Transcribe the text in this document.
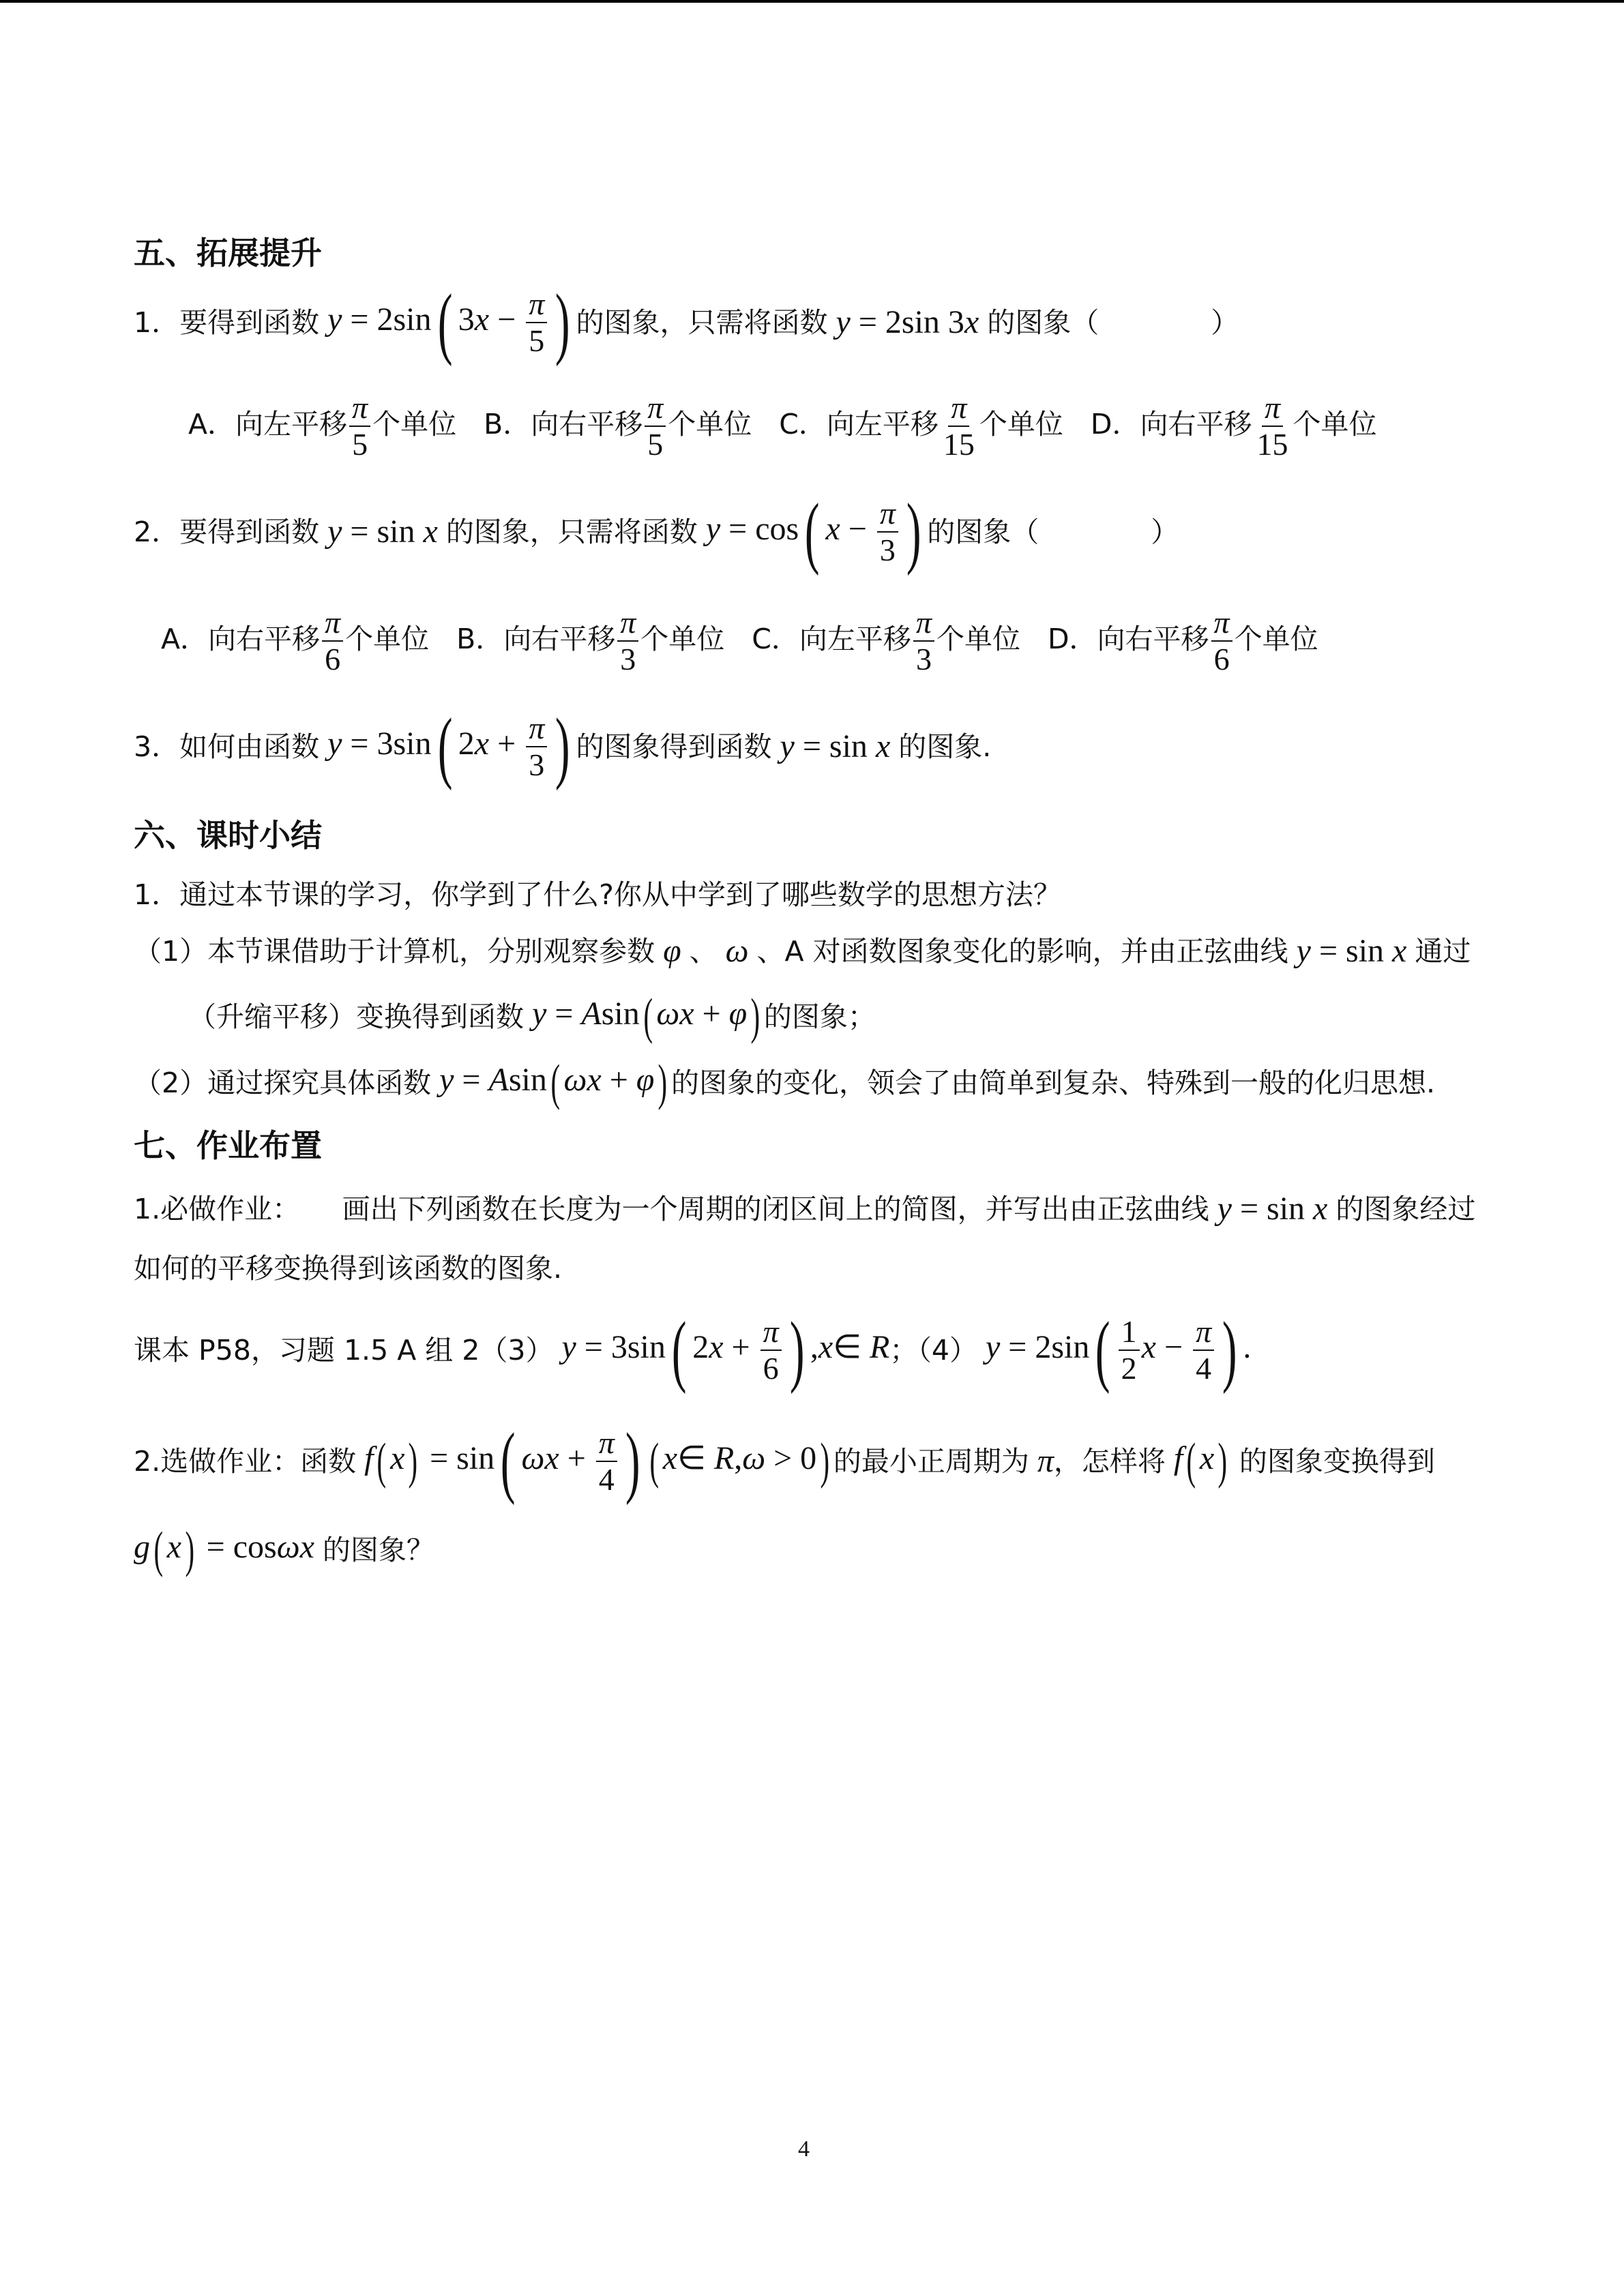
五、拓展提升
1． 要得到函数 y = 2sin( $3x - \frac{\pi}{5}$ ) 的图象，只需将函数 y = 2sin 3x 的图象（　　　　）
A．向左平移 $\frac{\pi}{5}$ 个单位 B．向右平移 $\frac{\pi}{5}$ 个单位 C．向左平移 $\frac{\pi}{15}$ 个单位 D．向右平移 $\frac{\pi}{15}$ 个单位
2． 要得到函数 y = sin x 的图象，只需将函数 y = cos( $x - \frac{\pi}{3}$ ) 的图象（　　　　）
A．向右平移 $\frac{\pi}{6}$ 个单位 B．向右平移 $\frac{\pi}{3}$ 个单位 C．向左平移 $\frac{\pi}{3}$ 个单位 D．向右平移 $\frac{\pi}{6}$ 个单位
3． 如何由函数 y = 3sin( $2x + \frac{\pi}{3}$ ) 的图象得到函数 y = sin x 的图象.
六、课时小结
1．通过本节课的学习，你学到了什么?你从中学到了哪些数学的思想方法？
（1）本节课借助于计算机，分别观察参数 φ 、 ω 、A 对函数图象变化的影响，并由正弦曲线 y = sin x 通过
（升缩平移）变换得到函数 y = Asin( ωx + φ) 的图象；
（2）通过探究具体函数 y = Asin( ωx + φ) 的图象的变化，领会了由简单到复杂、特殊到一般的化归思想.
七、作业布置
1.必做作业：　　画出下列函数在长度为一个周期的闭区间上的简图，并写出由正弦曲线 y = sin x 的图象经过
如何的平移变换得到该函数的图象.
课本 P58，习题 1.5 A 组 2（3） y = 3sin( $2x + \frac{\pi}{6}$ ) ,x∈ R ；（4） $y = 2\sin( \frac{1}{2}$ $x - \frac{\pi}{4}$ ) .
2.选做作业：函数 f( x) = sin( $\omega x + \frac{\pi}{4}$ ) ( x∈ R,ω > 0) 的最小正周期为 π ，怎样将 f( x) 的图象变换得到
g( x) = cosωx 的图象？
4
